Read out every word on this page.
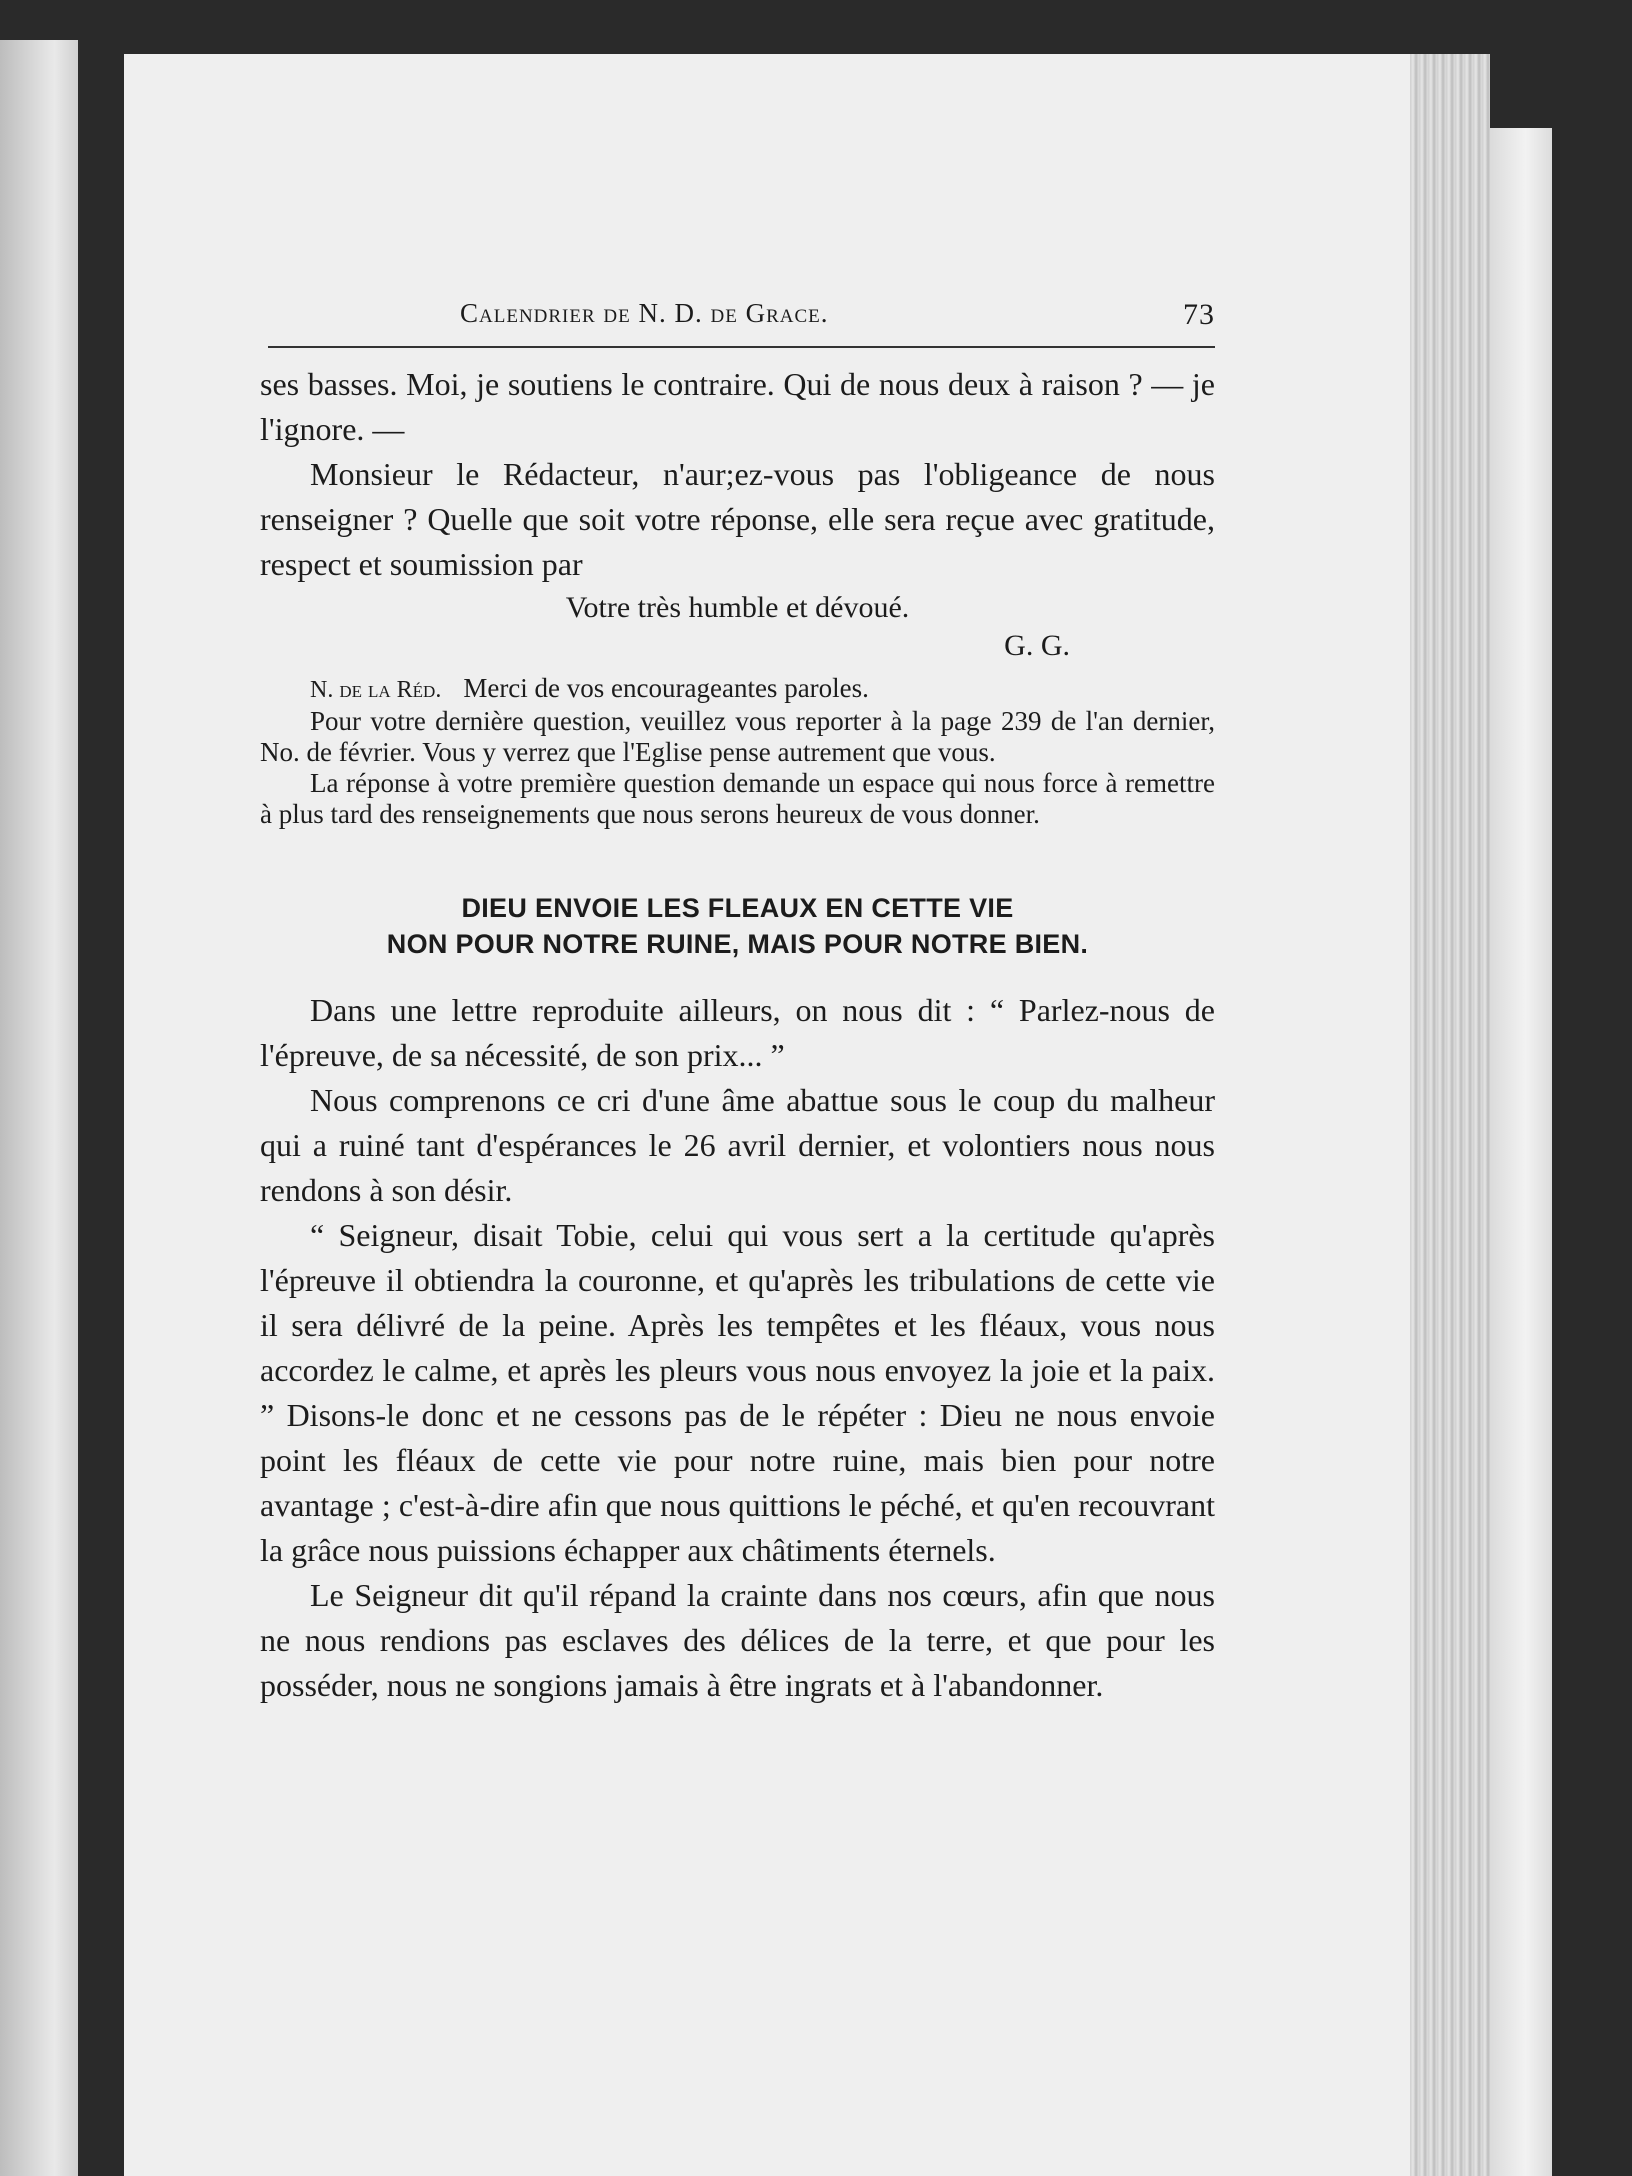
Calendrier de N. D. de Grace.	73

ses basses. Moi, je soutiens le contraire. Qui de nous deux à raison ? — je l'ignore. —

Monsieur le Rédacteur, n'aur;ez-vous pas l'obligeance de nous renseigner ? Quelle que soit votre réponse, elle sera reçue avec gratitude, respect et soumission par

Votre très humble et dévoué.
G. G.

N. de la Réd. Merci de vos encourageantes paroles.

Pour votre dernière question, veuillez vous reporter à la page 239 de l'an dernier, No. de février. Vous y verrez que l'Eglise pense autrement que vous.

La réponse à votre première question demande un espace qui nous force à remettre à plus tard des renseignements que nous serons heureux de vous donner.

DIEU ENVOIE LES FLEAUX EN CETTE VIE
NON POUR NOTRE RUINE, MAIS POUR NOTRE BIEN.

Dans une lettre reproduite ailleurs, on nous dit : “ Parlez-nous de l'épreuve, de sa nécessité, de son prix... ”

Nous comprenons ce cri d'une âme abattue sous le coup du malheur qui a ruiné tant d'espérances le 26 avril dernier, et volontiers nous nous rendons à son désir.

“ Seigneur, disait Tobie, celui qui vous sert a la certitude qu'après l'épreuve il obtiendra la couronne, et qu'après les tribulations de cette vie il sera délivré de la peine. Après les tempêtes et les fléaux, vous nous accordez le calme, et après les pleurs vous nous envoyez la joie et la paix. ” Disons-le donc et ne cessons pas de le répéter : Dieu ne nous envoie point les fléaux de cette vie pour notre ruine, mais bien pour notre avantage ; c'est-à-dire afin que nous quittions le péché, et qu'en recouvrant la grâce nous puissions échapper aux châtiments éternels.

Le Seigneur dit qu'il répand la crainte dans nos cœurs, afin que nous ne nous rendions pas esclaves des délices de la terre, et que pour les posséder, nous ne songions jamais à être ingrats et à l'abandonner.
